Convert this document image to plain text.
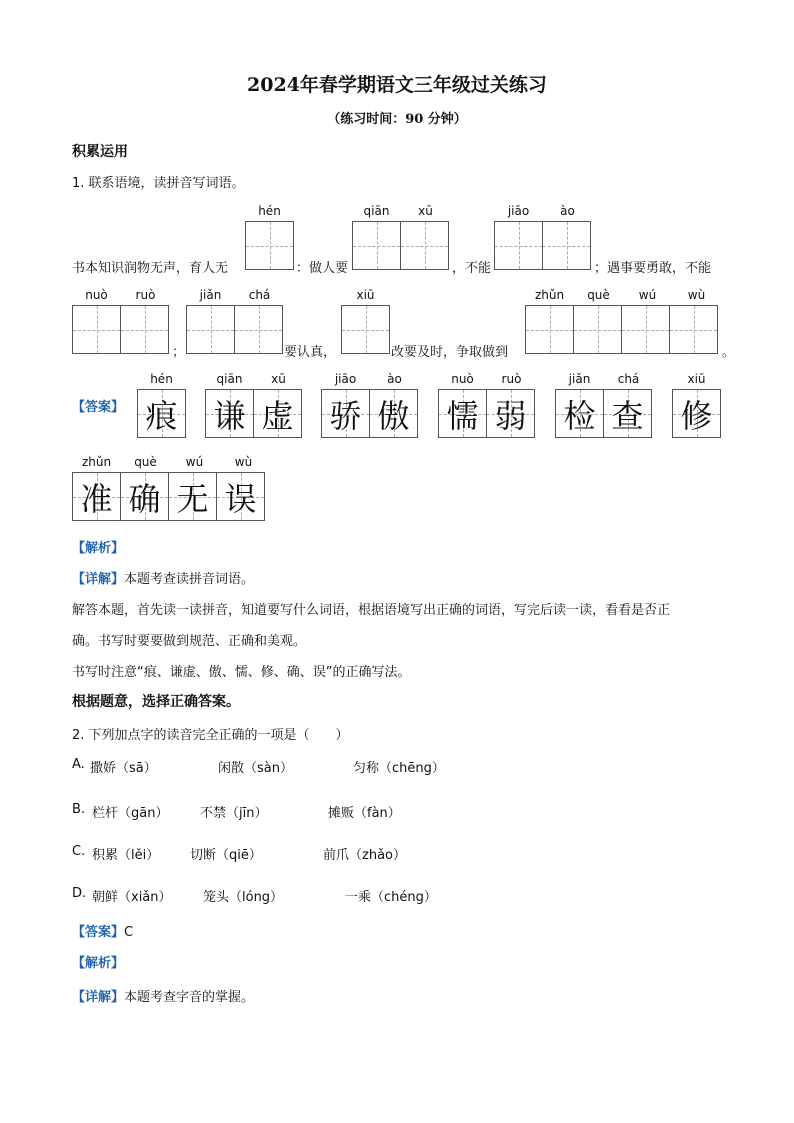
2024年春学期语文三年级过关练习
（练习时间：90 分钟）
积累运用
1. 联系语境，读拼音写词语。
hén	qiān	xū	jiāo	ào
书本知识润物无声，育人无	：做人要	，不能	；遇事要勇敢，不能
nuò	ruò	jiǎn	chá	xiū	zhǔn	què	wú	wù
；	要认真，	改要及时，争取做到	。
【答案】
hén	qiān	xū	jiāo	ào	nuò	ruò	jiǎn	chá	xiū
痕 谦 虚 骄 傲 懦 弱 检 查 修
zhǔn	què	wú	wù
准 确 无 误
【解析】
【详解】本题考查读拼音词语。
解答本题，首先读一读拼音，知道要写什么词语，根据语境写出正确的词语，写完后读一读，看看是否正
确。书写时要要做到规范、正确和美观。
书写时注意“痕、谦虚、傲、懦、修、确、误”的正确写法。
根据题意，选择正确答案。
2. 下列加点字的读音完全正确的一项是（　　）
A. 撒娇（sā）	闲散（sàn）	匀称（chēng）
B. 栏杆（gān） 不禁（jīn）	摊贩（fàn）
C. 积累（lěi） 切断（qiē）	前爪（zhǎo）
D. 朝鲜（xiǎn） 笼头（lóng）	一乘（chéng）
【答案】C
【解析】
【详解】本题考查字音的掌握。
